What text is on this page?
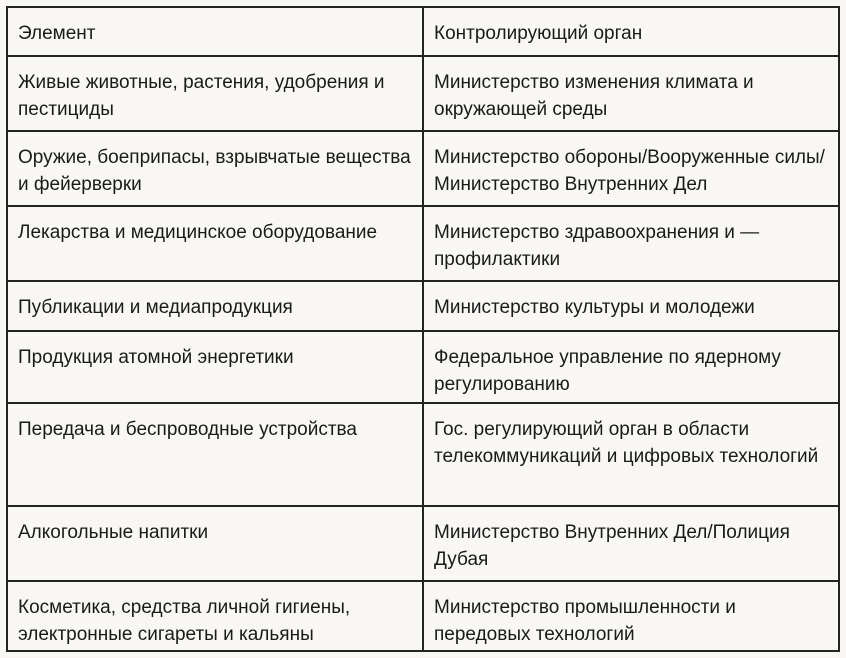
Элемент	Контролирующий орган
Живые животные, растения, удобрения и пестициды	Министерство изменения климата и окружающей среды
Оружие, боеприпасы, взрывчатые вещества и фейерверки	Министерство обороны/Вооруженные силы/Министерство Внутренних Дел
Лекарства и медицинское оборудование	Министерство здравоохранения и —профилактики
Публикации и медиапродукция	Министерство культуры и молодежи
Продукция атомной энергетики	Федеральное управление по ядерному регулированию
Передача и беспроводные устройства	Гос. регулирующий орган в области телекоммуникаций и цифровых технологий
Алкогольные напитки	Министерство Внутренних Дел/Полиция Дубая
Косметика, средства личной гигиены, электронные сигареты и кальяны	Министерство промышленности и передовых технологий
